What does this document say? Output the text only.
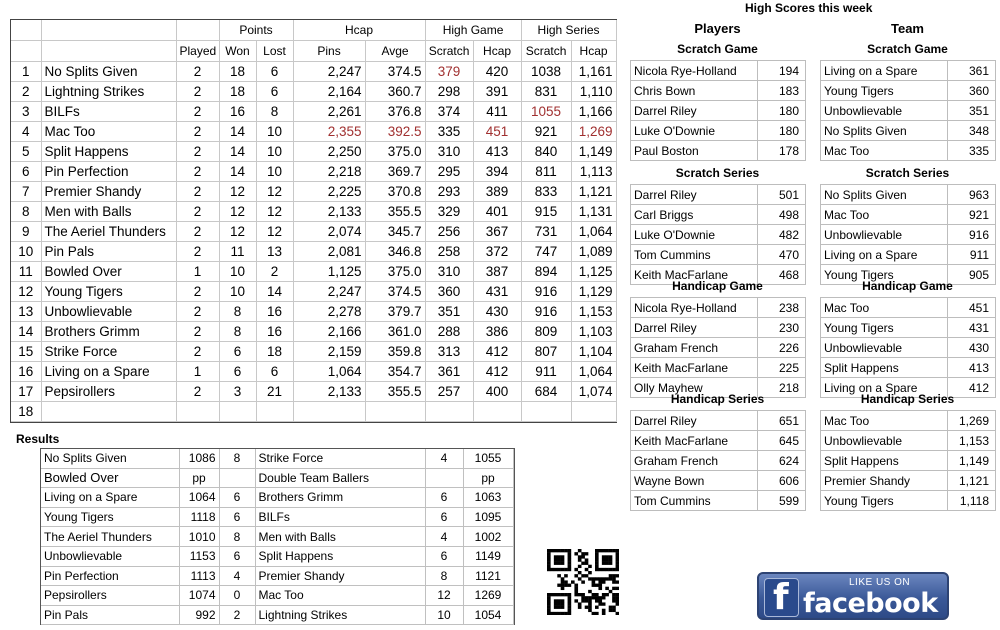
			Points		Hcap		High Game		High Series	
		Played	Won	Lost	Pins	Avge	Scratch	Hcap	Scratch	Hcap
1	No Splits Given	2	18	6	2,247	374.5	379	420	1038	1,161
2	Lightning Strikes	2	18	6	2,164	360.7	298	391	831	1,110
3	BILFs	2	16	8	2,261	376.8	374	411	1055	1,166
4	Mac Too	2	14	10	2,355	392.5	335	451	921	1,269
5	Split Happens	2	14	10	2,250	375.0	310	413	840	1,149
6	Pin Perfection	2	14	10	2,218	369.7	295	394	811	1,113
7	Premier Shandy	2	12	12	2,225	370.8	293	389	833	1,121
8	Men with Balls	2	12	12	2,133	355.5	329	401	915	1,131
9	The Aeriel Thunders	2	12	12	2,074	345.7	256	367	731	1,064
10	Pin Pals	2	11	13	2,081	346.8	258	372	747	1,089
11	Bowled Over	1	10	2	1,125	375.0	310	387	894	1,125
12	Young Tigers	2	10	14	2,247	374.5	360	431	916	1,129
13	Unbowlievable	2	8	16	2,278	379.7	351	430	916	1,153
14	Brothers Grimm	2	8	16	2,166	361.0	288	386	809	1,103
15	Strike Force	2	6	18	2,159	359.8	313	412	807	1,104
16	Living on a Spare	1	6	6	1,064	354.7	361	412	911	1,064
17	Pepsirollers	2	3	21	2,133	355.5	257	400	684	1,074
18										
High Scores this week
Players	Team
Scratch Game
Nicola Rye-Holland	194
Chris Bown	183
Darrel Riley	180
Luke O'Downie	180
Paul Boston	178
Scratch Game
Living on a Spare	361
Young Tigers	360
Unbowlievable	351
No Splits Given	348
Mac Too	335
Scratch Series
Darrel Riley	501
Carl Briggs	498
Luke O'Downie	482
Tom Cummins	470
Keith MacFarlane	468
Scratch Series
No Splits Given	963
Mac Too	921
Unbowlievable	916
Living on a Spare	911
Young Tigers	905
Handicap Game
Nicola Rye-Holland	238
Darrel Riley	230
Graham French	226
Keith MacFarlane	225
Olly Mayhew	218
Handicap Game
Mac Too	451
Young Tigers	431
Unbowlievable	430
Split Happens	413
Living on a Spare	412
Handicap Series
Darrel Riley	651
Keith MacFarlane	645
Graham French	624
Wayne Bown	606
Tom Cummins	599
Handicap Series
Mac Too	1,269
Unbowlievable	1,153
Split Happens	1,149
Premier Shandy	1,121
Young Tigers	1,118
Results
No Splits Given	1086	8	Strike Force	4	1055
Bowled Over	pp		Double Team Ballers		pp
Living on a Spare	1064	6	Brothers Grimm	6	1063
Young Tigers	1118	6	BILFs	6	1095
The Aeriel Thunders	1010	8	Men with Balls	4	1002
Unbowlievable	1153	6	Split Happens	6	1149
Pin Perfection	1113	4	Premier Shandy	8	1121
Pepsirollers	1074	0	Mac Too	12	1269
Pin Pals	992	2	Lightning Strikes	10	1054	f	LIKE US ON
facebook
